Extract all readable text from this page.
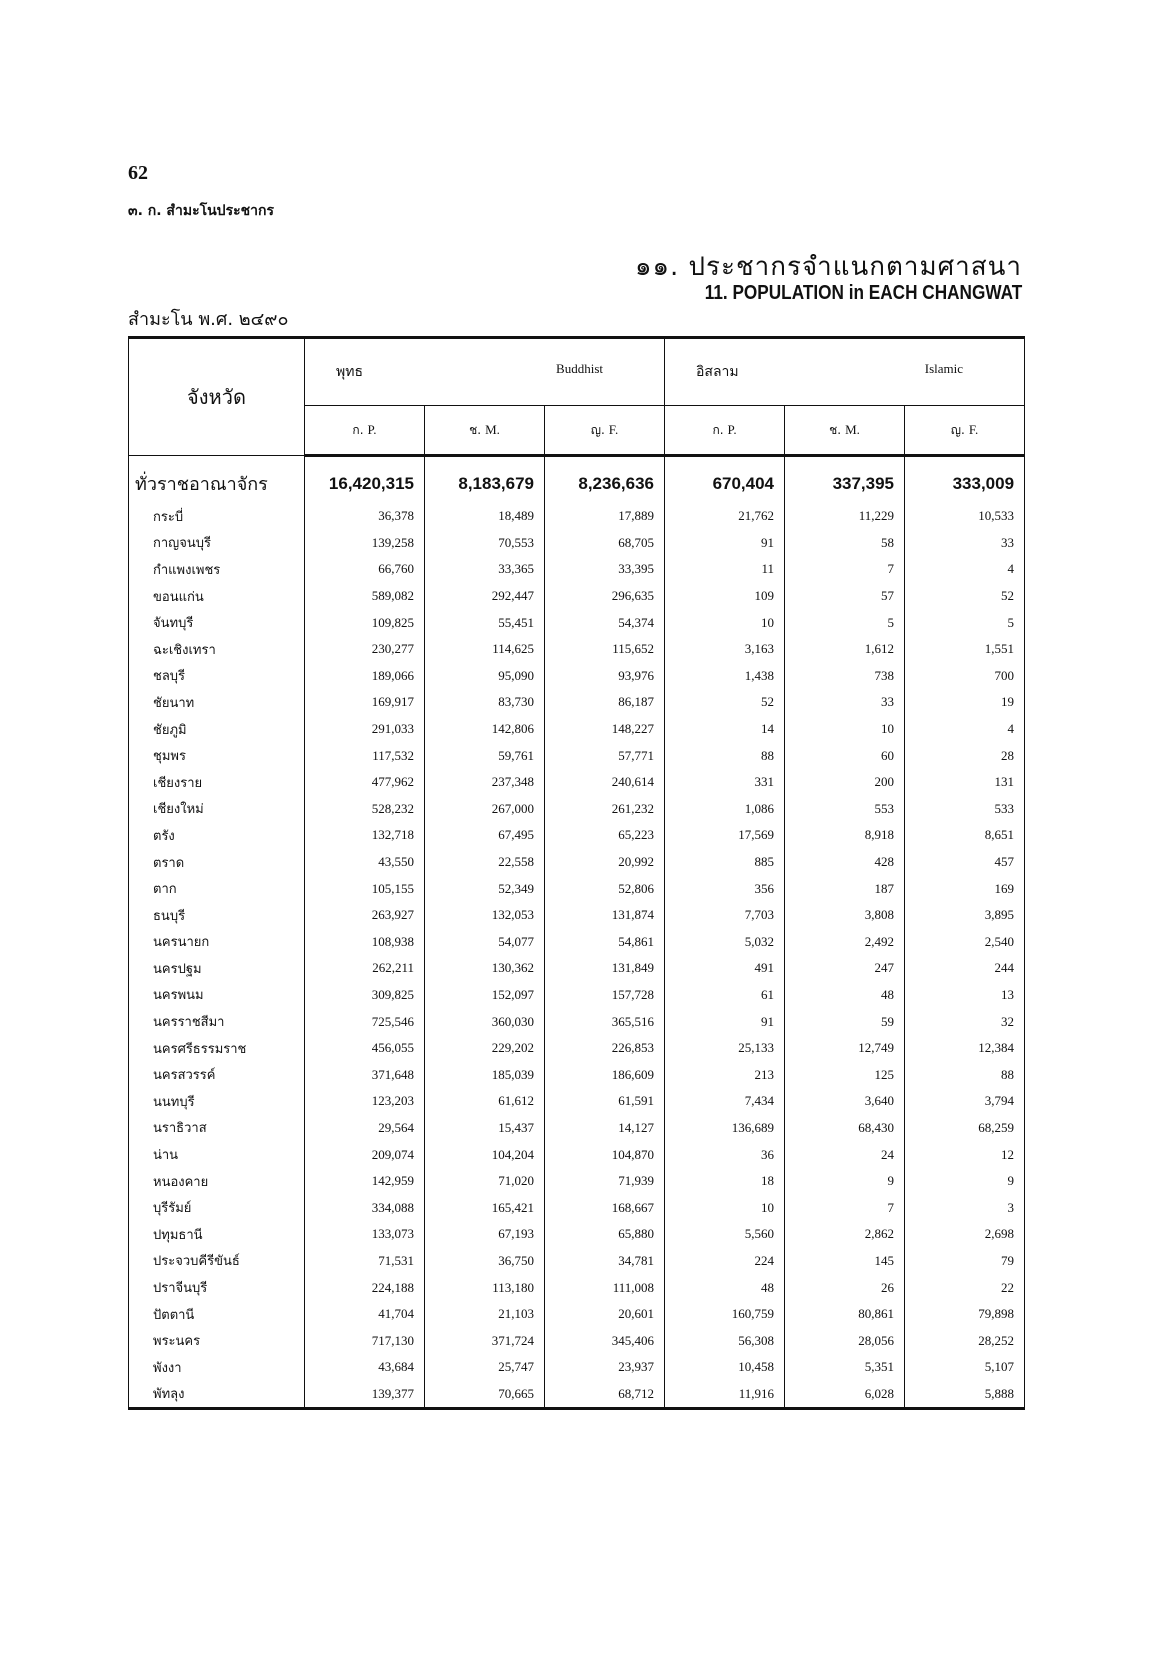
62
๓. ก. สำมะโนประชากร
๑๑. ประชากรจำแนกตามศาสนา
11. POPULATION in EACH CHANGWAT
สำมะโน พ.ศ. ๒๔๙๐
จังหวัด	พุทธ Buddhist			อิสลาม Islamic		

	ก. P.	ช. M.	ญ. F.	ก. P.	ช. M.	ญ. F.
ทั่วราชอาณาจักร	16,420,315	8,183,679	8,236,636	670,404	337,395	333,009
กระบี่	36,378	18,489	17,889	21,762	11,229	10,533
กาญจนบุรี	139,258	70,553	68,705	91	58	33
กำแพงเพชร	66,760	33,365	33,395	11	7	4
ขอนแก่น	589,082	292,447	296,635	109	57	52
จันทบุรี	109,825	55,451	54,374	10	5	5
ฉะเชิงเทรา	230,277	114,625	115,652	3,163	1,612	1,551
ชลบุรี	189,066	95,090	93,976	1,438	738	700
ชัยนาท	169,917	83,730	86,187	52	33	19
ชัยภูมิ	291,033	142,806	148,227	14	10	4
ชุมพร	117,532	59,761	57,771	88	60	28
เชียงราย	477,962	237,348	240,614	331	200	131
เชียงใหม่	528,232	267,000	261,232	1,086	553	533
ตรัง	132,718	67,495	65,223	17,569	8,918	8,651
ตราด	43,550	22,558	20,992	885	428	457
ตาก	105,155	52,349	52,806	356	187	169
ธนบุรี	263,927	132,053	131,874	7,703	3,808	3,895
นครนายก	108,938	54,077	54,861	5,032	2,492	2,540
นครปฐม	262,211	130,362	131,849	491	247	244
นครพนม	309,825	152,097	157,728	61	48	13
นครราชสีมา	725,546	360,030	365,516	91	59	32
นครศรีธรรมราช	456,055	229,202	226,853	25,133	12,749	12,384
นครสวรรค์	371,648	185,039	186,609	213	125	88
นนทบุรี	123,203	61,612	61,591	7,434	3,640	3,794
นราธิวาส	29,564	15,437	14,127	136,689	68,430	68,259
น่าน	209,074	104,204	104,870	36	24	12
หนองคาย	142,959	71,020	71,939	18	9	9
บุรีรัมย์	334,088	165,421	168,667	10	7	3
ปทุมธานี	133,073	67,193	65,880	5,560	2,862	2,698
ประจวบคีรีขันธ์	71,531	36,750	34,781	224	145	79
ปราจีนบุรี	224,188	113,180	111,008	48	26	22
ปัตตานี	41,704	21,103	20,601	160,759	80,861	79,898
พระนคร	717,130	371,724	345,406	56,308	28,056	28,252
พังงา	43,684	25,747	23,937	10,458	5,351	5,107
พัทลุง	139,377	70,665	68,712	11,916	6,028	5,888
